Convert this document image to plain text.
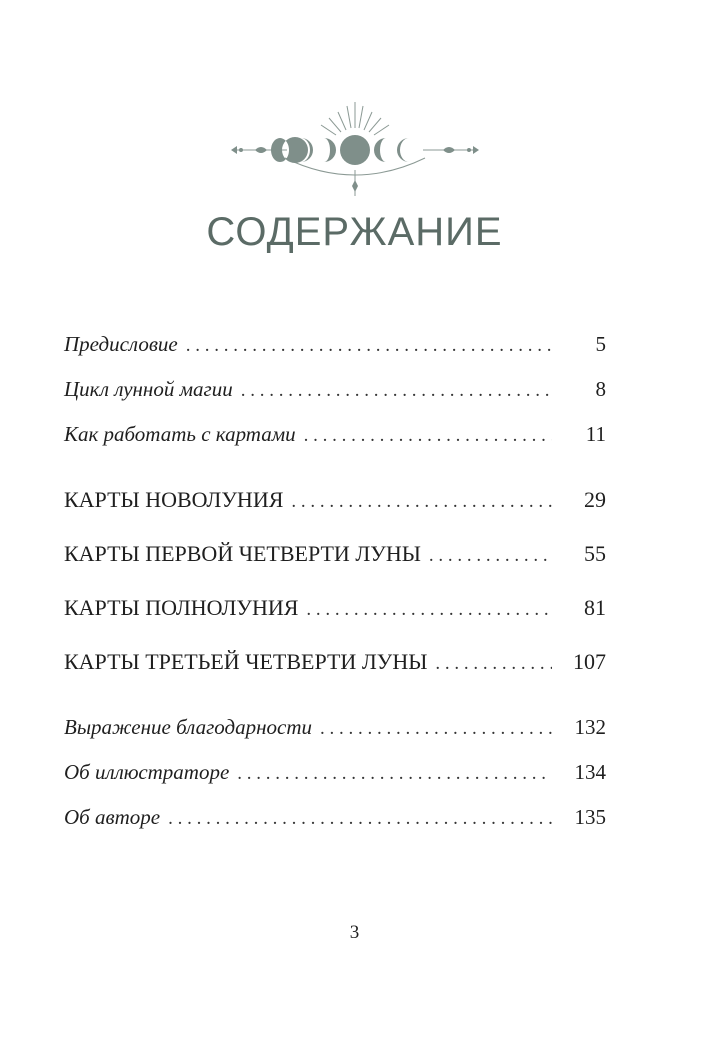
СОДЕРЖАНИЕ
Предисловие . . .	5
Цикл лунной магии . . .	8
Как работать с картами . . .	11
КАРТЫ НОВОЛУНИЯ . . .	29
КАРТЫ ПЕРВОЙ ЧЕТВЕРТИ ЛУНЫ . . .	55
КАРТЫ ПОЛНОЛУНИЯ . . .	81
КАРТЫ ТРЕТЬЕЙ ЧЕТВЕРТИ ЛУНЫ . . .	107
Выражение благодарности . . .	132
Об иллюстраторе . . .	134
Об авторе . . .	135
3
